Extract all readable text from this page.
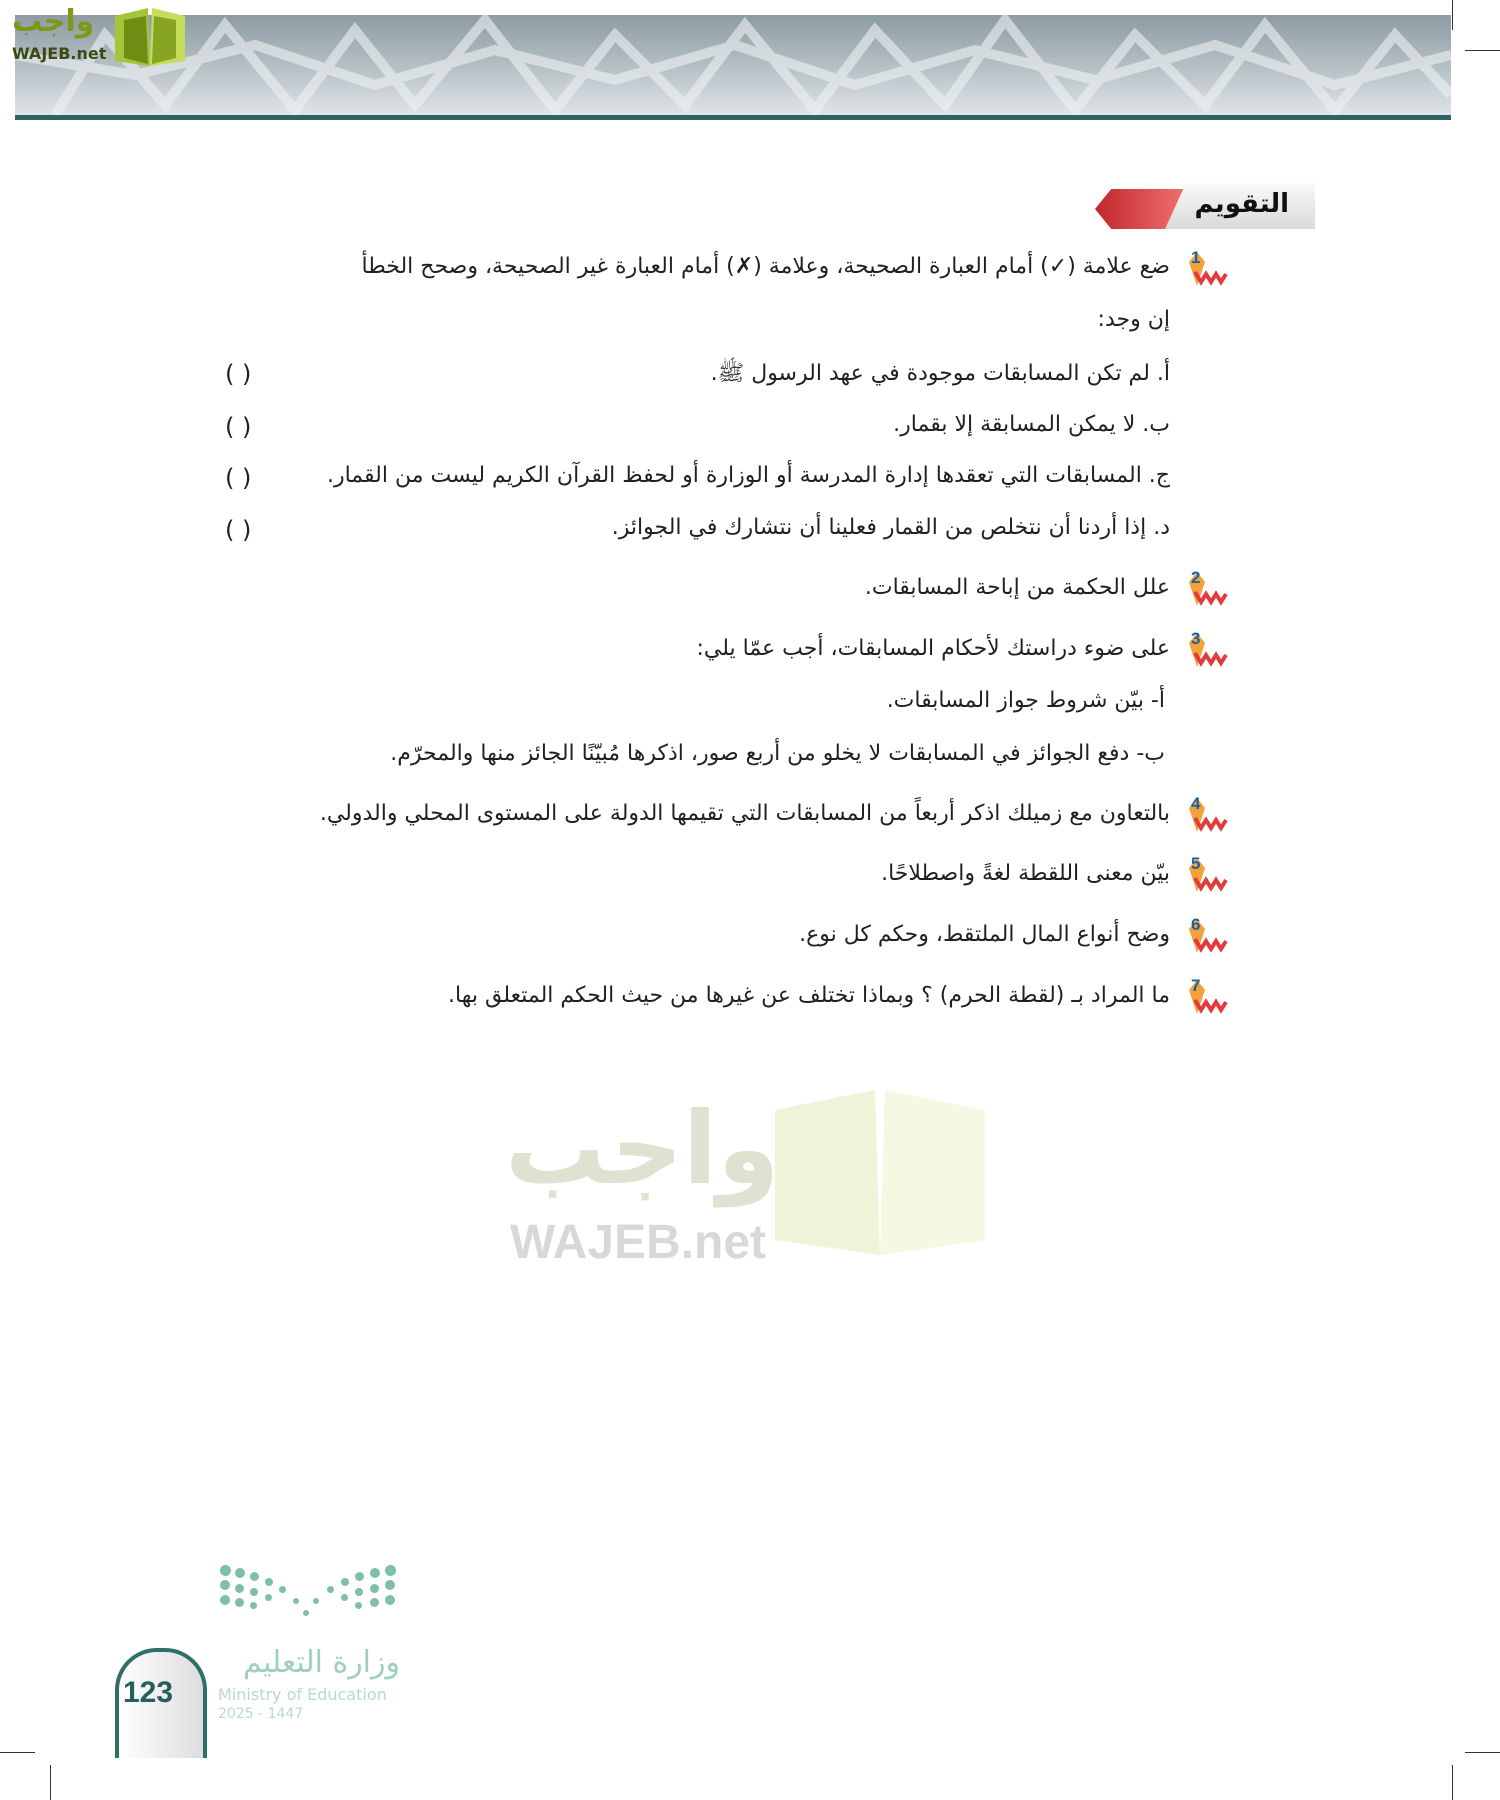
واجب
WAJEB.net
التقويم
واجب
WAJEB.net
1
2
3
4
5
6
7
ضع علامة (✓) أمام العبارة الصحيحة، وعلامة (✗) أمام العبارة غير الصحيحة، وصحح الخطأ
إن وجد:
أ. لم تكن المسابقات موجودة في عهد الرسول ﷺ.
ب. لا يمكن المسابقة إلا بقمار.
ج. المسابقات التي تعقدها إدارة المدرسة أو الوزارة أو لحفظ القرآن الكريم ليست من القمار.
د. إذا أردنا أن نتخلص من القمار فعلينا أن نتشارك في الجوائز.
( )
( )
( )
( )
علل الحكمة من إباحة المسابقات.
على ضوء دراستك لأحكام المسابقات، أجب عمّا يلي:
أ- بيّن شروط جواز المسابقات.
ب- دفع الجوائز في المسابقات لا يخلو من أربع صور، اذكرها مُبيّنًا الجائز منها والمحرّم.
بالتعاون مع زميلك اذكر أربعاً من المسابقات التي تقيمها الدولة على المستوى المحلي والدولي.
بيّن معنى اللقطة لغةً واصطلاحًا.
وضح أنواع المال الملتقط، وحكم كل نوع.
ما المراد بـ (لقطة الحرم) ؟ وبماذا تختلف عن غيرها من حيث الحكم المتعلق بها.
123
وزارة التعليم
Ministry of Education
2025 - 1447
